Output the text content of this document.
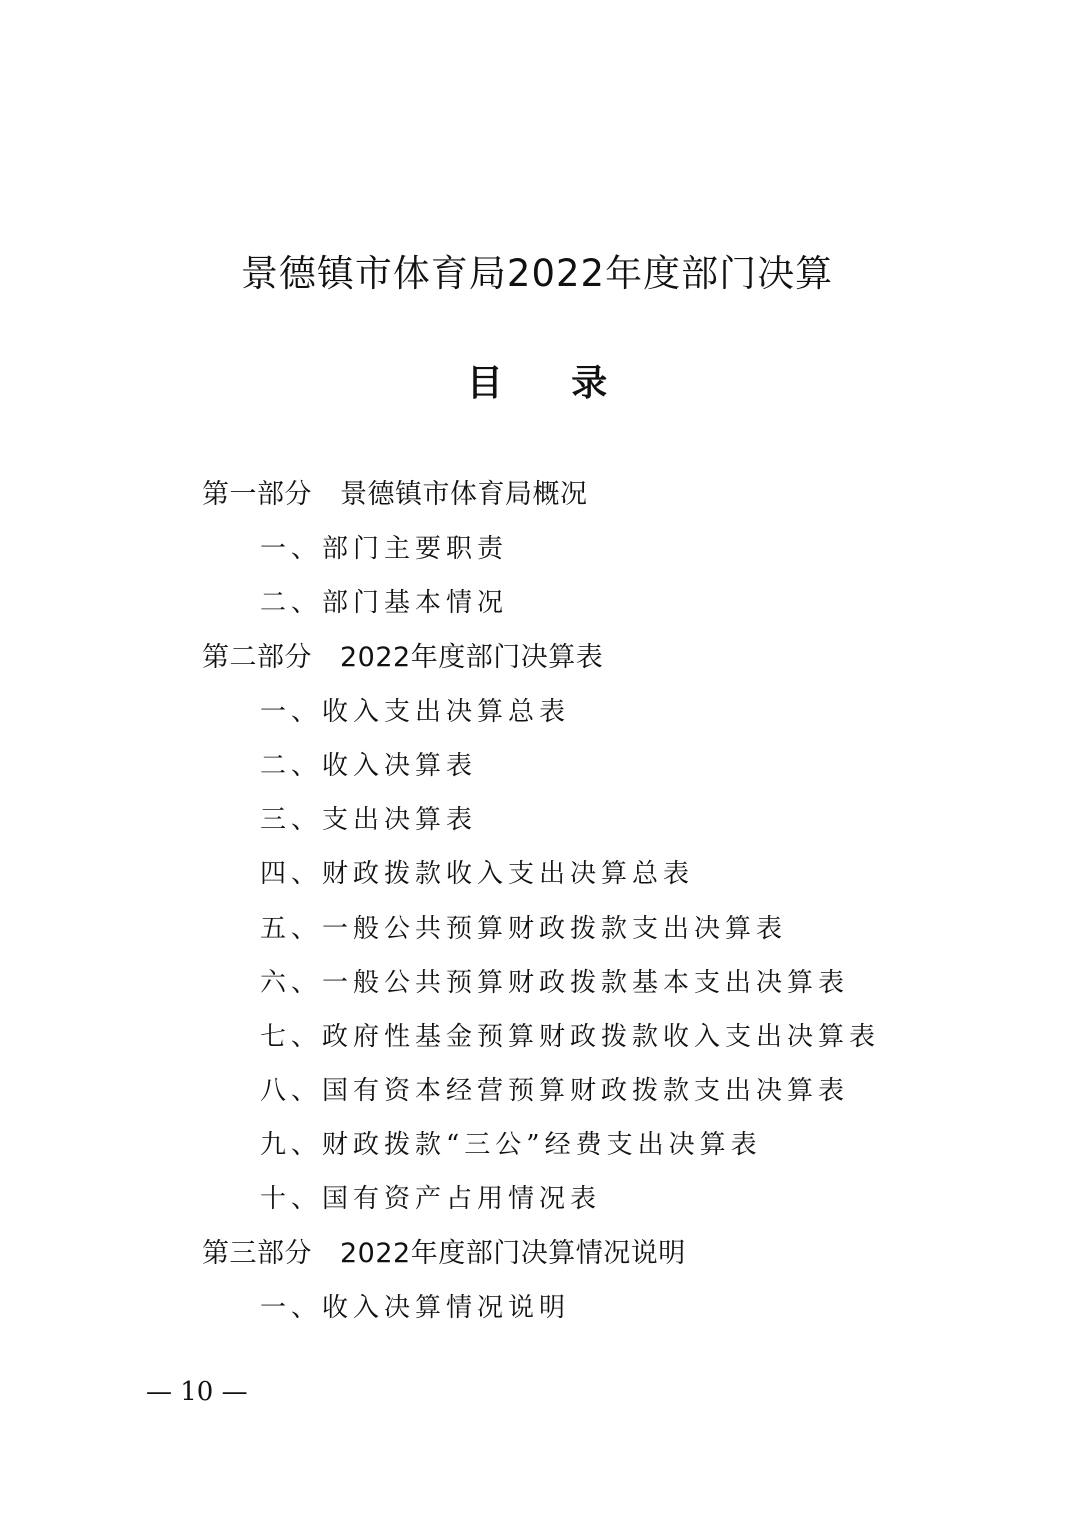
景德镇市体育局2022年度部门决算
目 录
第一部分 景德镇市体育局概况
一、部门主要职责
二、部门基本情况
第二部分 2022年度部门决算表
一、收入支出决算总表
二、收入决算表
三、支出决算表
四、财政拨款收入支出决算总表
五、一般公共预算财政拨款支出决算表
六、一般公共预算财政拨款基本支出决算表
七、政府性基金预算财政拨款收入支出决算表
八、国有资本经营预算财政拨款支出决算表
九、财政拨款“三公”经费支出决算表
十、国有资产占用情况表
第三部分 2022年度部门决算情况说明
一、收入决算情况说明
— 10 —
